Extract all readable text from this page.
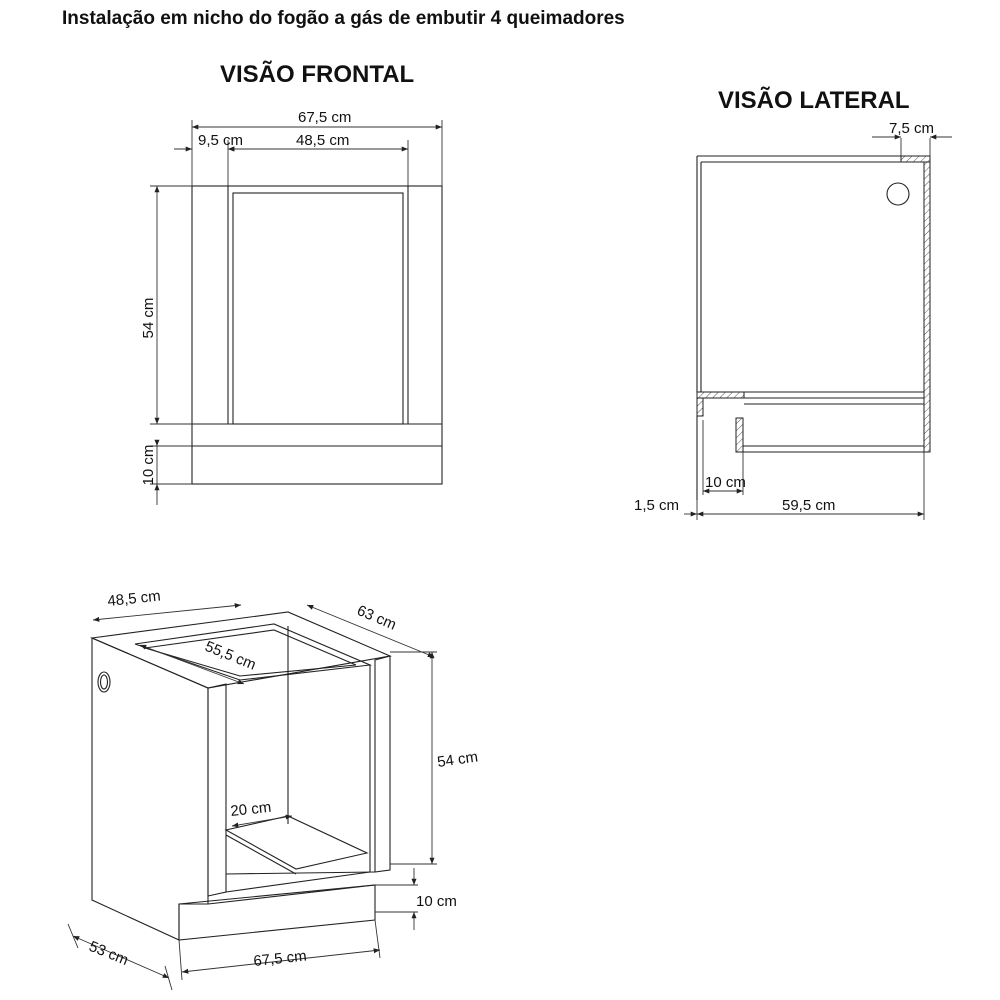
Instalação em nicho do fogão a gás de embutir 4 queimadores
VISÃO FRONTAL
67,5 cm
9,5 cm	48,5 cm
54 cm
10 cm
VISÃO LATERAL
7,5 cm
10 cm
1,5 cm	59,5 cm
48,5 cm
63 cm
55,5 cm
54 cm
20 cm
10 cm
53 cm	67,5 cm
